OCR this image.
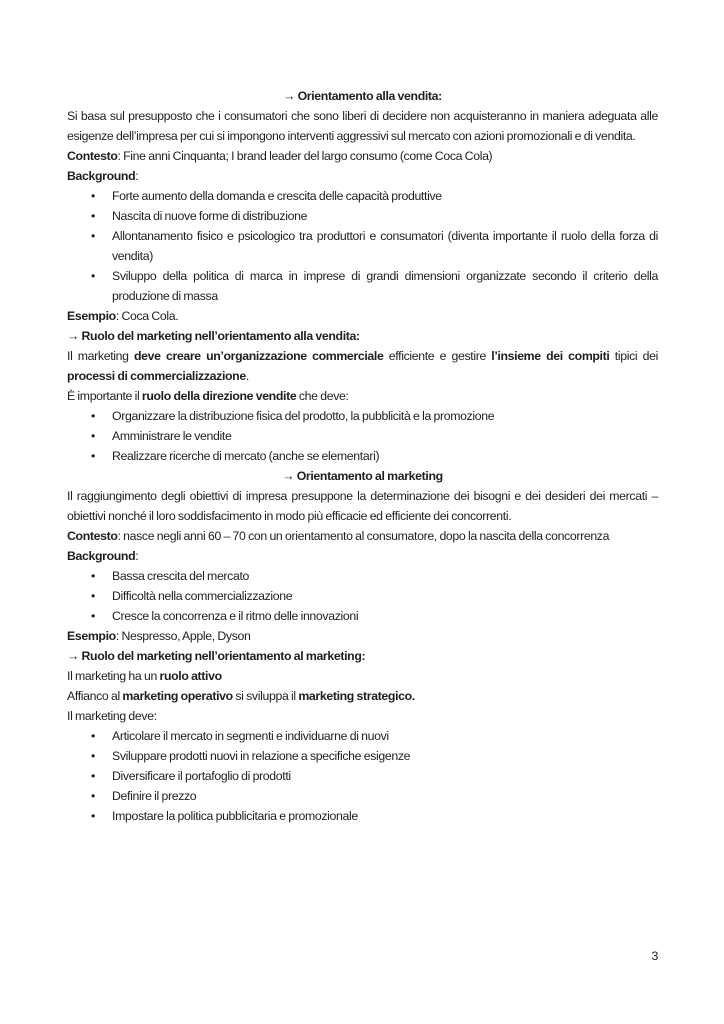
→ Orientamento alla vendita:

Si basa sul presupposto che i consumatori che sono liberi di decidere non acquisteranno in maniera adeguata alle esigenze dell’impresa per cui si impongono interventi aggressivi sul mercato con azioni promozionali e di vendita.

Contesto: Fine anni Cinquanta; I brand leader del largo consumo (come Coca Cola)

Background:

• Forte aumento della domanda e crescita delle capacità produttive
• Nascita di nuove forme di distribuzione
• Allontanamento fisico e psicologico tra produttori e consumatori (diventa importante il ruolo della forza di vendita)
• Sviluppo della politica di marca in imprese di grandi dimensioni organizzate secondo il criterio della produzione di massa

Esempio: Coca Cola.

→ Ruolo del marketing nell’orientamento alla vendita:

Il marketing deve creare un’organizzazione commerciale efficiente e gestire l’insieme dei compiti tipici dei processi di commercializzazione.

È importante il ruolo della direzione vendite che deve:

• Organizzare la distribuzione fisica del prodotto, la pubblicità e la promozione
• Amministrare le vendite
• Realizzare ricerche di mercato (anche se elementari)

→ Orientamento al marketing

Il raggiungimento degli obiettivi di impresa presuppone la determinazione dei bisogni e dei desideri dei mercati – obiettivi nonché il loro soddisfacimento in modo più efficacie ed efficiente dei concorrenti.

Contesto: nasce negli anni 60 – 70 con un orientamento al consumatore, dopo la nascita della concorrenza

Background:

• Bassa crescita del mercato
• Difficoltà nella commercializzazione
• Cresce la concorrenza e il ritmo delle innovazioni

Esempio: Nespresso, Apple, Dyson

→ Ruolo del marketing nell’orientamento al marketing:

Il marketing ha un ruolo attivo

Affianco al marketing operativo si sviluppa il marketing strategico.

Il marketing deve:

• Articolare il mercato in segmenti e individuarne di nuovi
• Sviluppare prodotti nuovi in relazione a specifiche esigenze
• Diversificare il portafoglio di prodotti
• Definire il prezzo
• Impostare la politica pubblicitaria e promozionale
3
